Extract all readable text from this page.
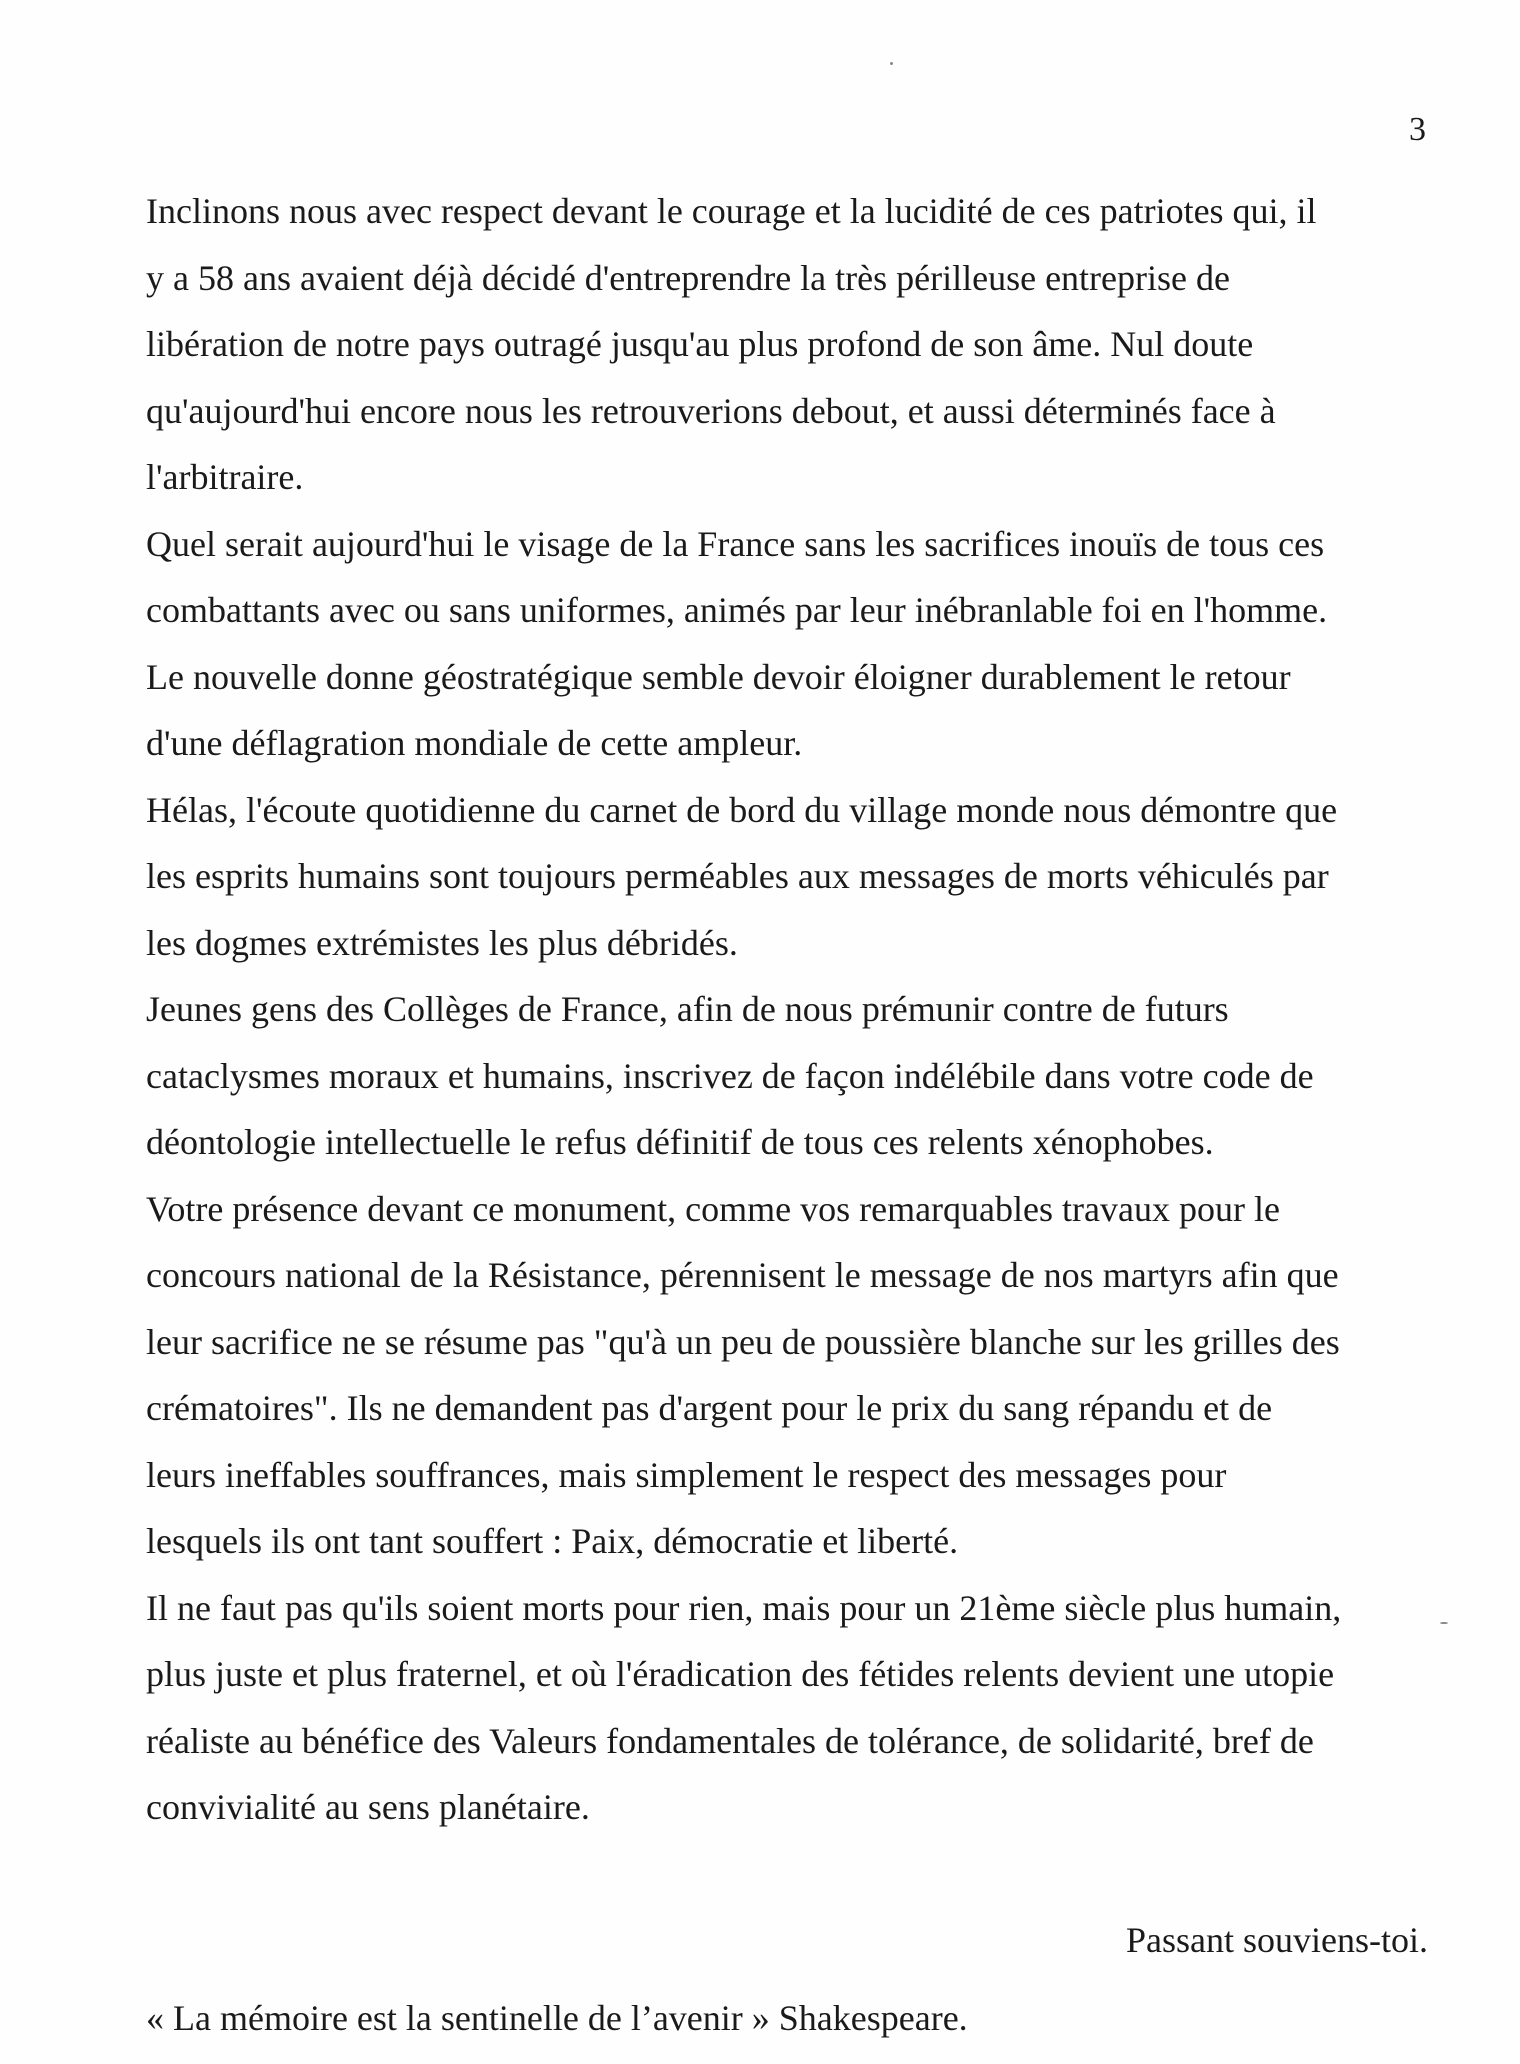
3

Inclinons nous avec respect devant le courage et la lucidité de ces patriotes qui, il
y a 58 ans avaient déjà décidé d'entreprendre la très périlleuse entreprise de
libération de notre pays outragé jusqu'au plus profond de son âme. Nul doute
qu'aujourd'hui encore nous les retrouverions debout, et aussi déterminés face à
l'arbitraire.

Quel serait aujourd'hui le visage de la France sans les sacrifices inouïs de tous ces
combattants avec ou sans uniformes, animés par leur inébranlable foi en l'homme.

Le nouvelle donne géostratégique semble devoir éloigner durablement le retour
d'une déflagration mondiale de cette ampleur.

Hélas, l'écoute quotidienne du carnet de bord du village monde nous démontre que
les esprits humains sont toujours perméables aux messages de morts véhiculés par
les dogmes extrémistes les plus débridés.

Jeunes gens des Collèges de France, afin de nous prémunir contre de futurs
cataclysmes moraux et humains, inscrivez de façon indélébile dans votre code de
déontologie intellectuelle le refus définitif de tous ces relents xénophobes.

Votre présence devant ce monument, comme vos remarquables travaux pour le
concours national de la Résistance, pérennisent le message de nos martyrs afin que
leur sacrifice ne se résume pas "qu'à un peu de poussière blanche sur les grilles des
crématoires". Ils ne demandent pas d'argent pour le prix du sang répandu et de
leurs ineffables souffrances, mais simplement le respect des messages pour
lesquels ils ont tant souffert : Paix, démocratie et liberté.

Il ne faut pas qu'ils soient morts pour rien, mais pour un 21ème siècle plus humain,
plus juste et plus fraternel, et où l'éradication des fétides relents devient une utopie
réaliste au bénéfice des Valeurs fondamentales de tolérance, de solidarité, bref de
convivialité au sens planétaire.

Passant souviens-toi.

« La mémoire est la sentinelle de l’avenir » Shakespeare.
